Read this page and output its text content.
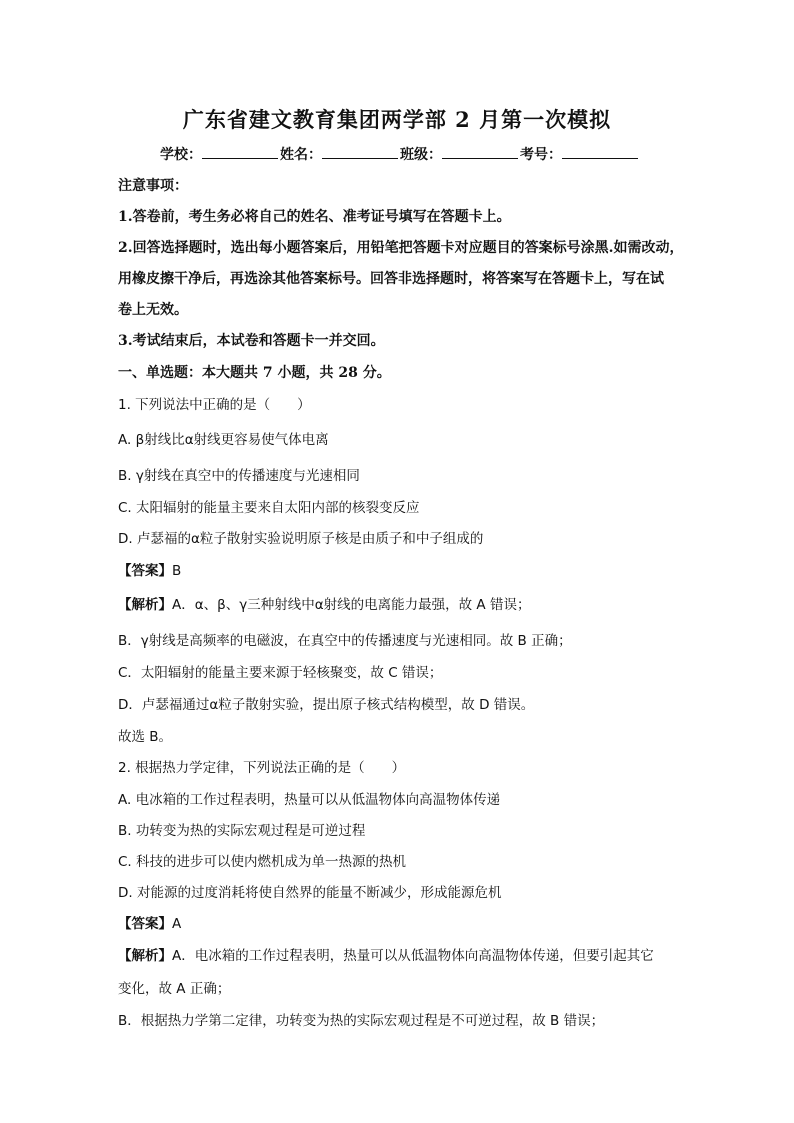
广东省建文教育集团两学部 2 月第一次模拟
学校：	姓名：	班级：	考号：
注意事项：
1.答卷前，考生务必将自己的姓名、准考证号填写在答题卡上。
2.回答选择题时，选出每小题答案后，用铅笔把答题卡对应题目的答案标号涂黑.如需改动，
用橡皮擦干净后，再选涂其他答案标号。回答非选择题时，将答案写在答题卡上，写在试
卷上无效。
3.考试结束后，本试卷和答题卡一并交回。
一、单选题：本大题共 7 小题，共 28 分。
1. 下列说法中正确的是（　　）
A. β射线比α射线更容易使气体电离
B. γ射线在真空中的传播速度与光速相同
C. 太阳辐射的能量主要来自太阳内部的核裂变反应
D. 卢瑟福的α粒子散射实验说明原子核是由质子和中子组成的
【答案】B
【解析】A．α、β、γ三种射线中α射线的电离能力最强，故 A 错误；
B．γ射线是高频率的电磁波，在真空中的传播速度与光速相同。故 B 正确；
C．太阳辐射的能量主要来源于轻核聚变，故 C 错误；
D．卢瑟福通过α粒子散射实验，提出原子核式结构模型，故 D 错误。
故选 B。
2. 根据热力学定律，下列说法正确的是（　　）
A. 电冰箱的工作过程表明，热量可以从低温物体向高温物体传递
B. 功转变为热的实际宏观过程是可逆过程
C. 科技的进步可以使内燃机成为单一热源的热机
D. 对能源的过度消耗将使自然界的能量不断减少，形成能源危机
【答案】A
【解析】A．电冰箱的工作过程表明，热量可以从低温物体向高温物体传递，但要引起其它
变化，故 A 正确；
B．根据热力学第二定律，功转变为热的实际宏观过程是不可逆过程，故 B 错误；
